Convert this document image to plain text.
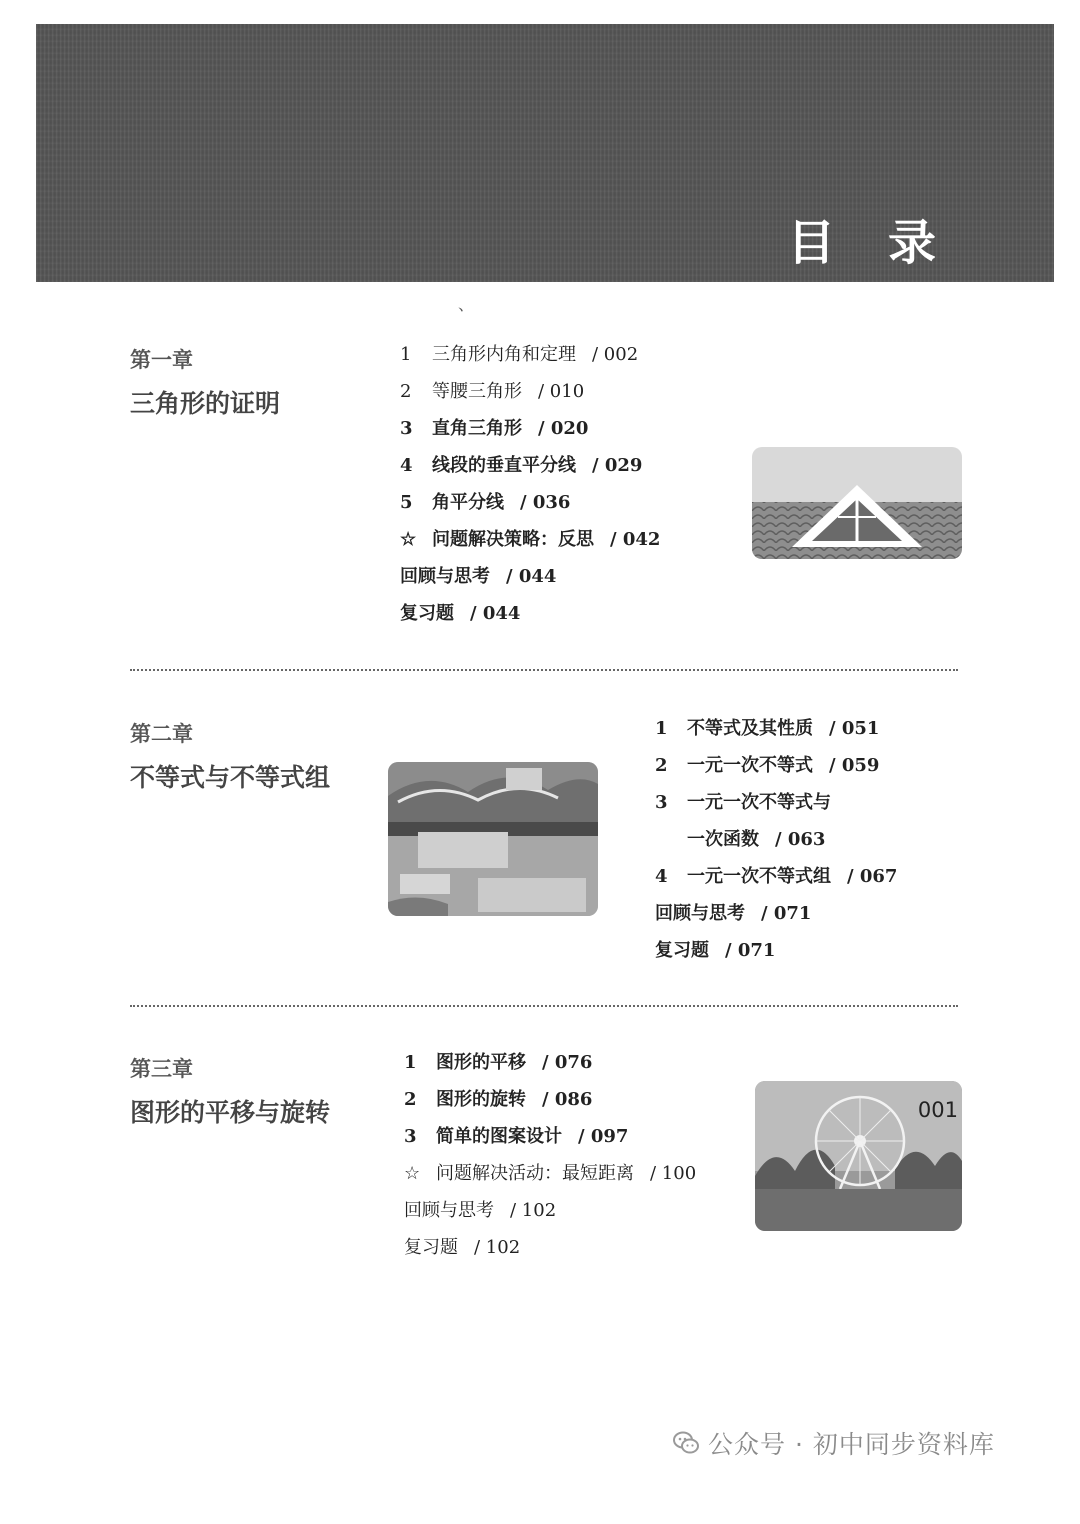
目 录
、
第一章
三角形的证明
1 三角形内角和定理 / 002
2 等腰三角形 / 010
3 直角三角形 / 020
4 线段的垂直平分线 / 029
5 角平分线 / 036
☆ 问题解决策略：反思 / 042
回顾与思考 / 044
复习题 / 044
第二章
不等式与不等式组
1 不等式及其性质 / 051
2 一元一次不等式 / 059
3 一元一次不等式与
一次函数 / 063
4 一元一次不等式组 / 067
回顾与思考 / 071
复习题 / 071
第三章
图形的平移与旋转
1 图形的平移 / 076
2 图形的旋转 / 086
3 简单的图案设计 / 097
☆ 问题解决活动：最短距离 / 100
回顾与思考 / 102
复习题 / 102
001
公众号 · 初中同步资料库
